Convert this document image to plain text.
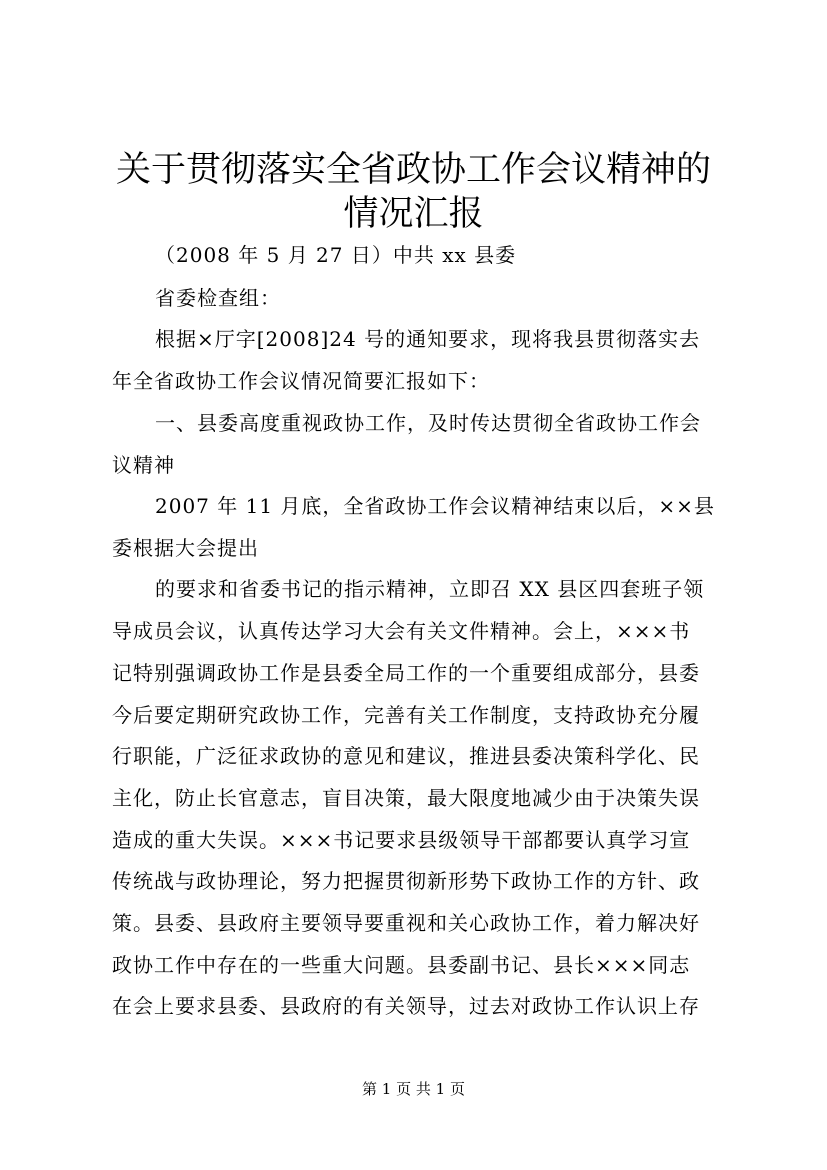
关于贯彻落实全省政协工作会议精神的情况汇报
（2008 年 5 月 27 日）中共 xx 县委
省委检查组：
根据×厅字[2008]24 号的通知要求，现将我县贯彻落实去
年全省政协工作会议情况简要汇报如下：
一、县委高度重视政协工作，及时传达贯彻全省政协工作会
议精神
2007 年 11 月底，全省政协工作会议精神结束以后，××县
委根据大会提出
的要求和省委书记的指示精神，立即召 XX 县区四套班子领
导成员会议，认真传达学习大会有关文件精神。会上，×××书
记特别强调政协工作是县委全局工作的一个重要组成部分，县委
今后要定期研究政协工作，完善有关工作制度，支持政协充分履
行职能，广泛征求政协的意见和建议，推进县委决策科学化、民
主化，防止长官意志，盲目决策，最大限度地减少由于决策失误
造成的重大失误。×××书记要求县级领导干部都要认真学习宣
传统战与政协理论，努力把握贯彻新形势下政协工作的方针、政
策。县委、县政府主要领导要重视和关心政协工作，着力解决好
政协工作中存在的一些重大问题。县委副书记、县长×××同志
在会上要求县委、县政府的有关领导，过去对政协工作认识上存
第 1 页 共 1 页
